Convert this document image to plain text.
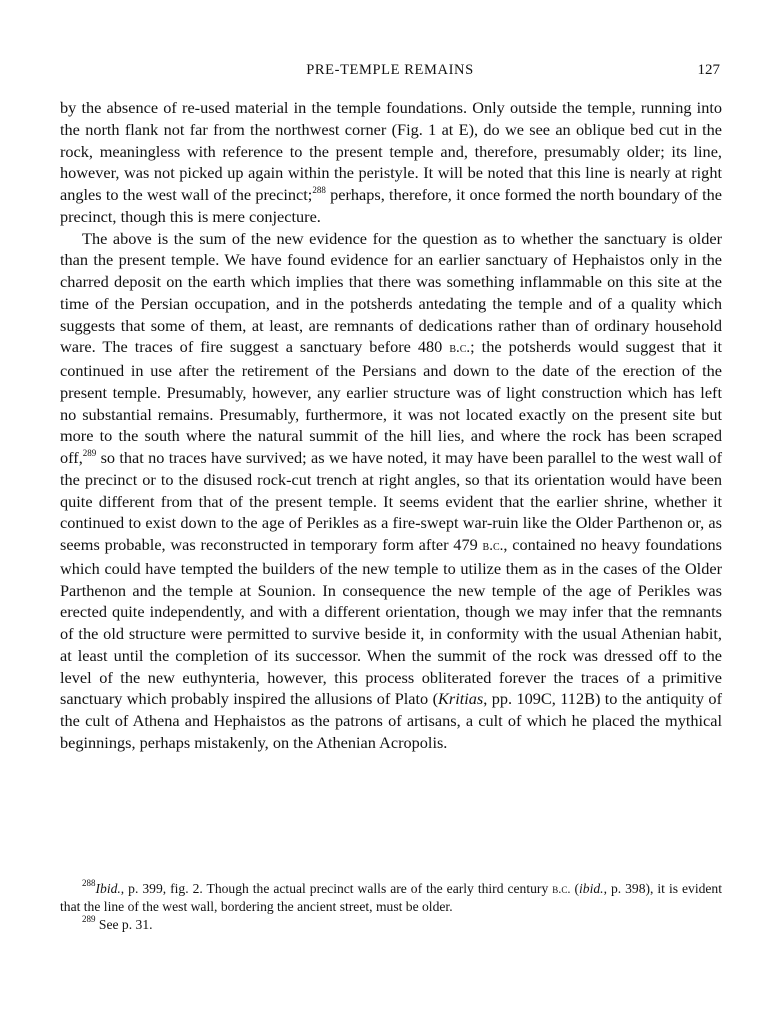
PRE-TEMPLE REMAINS	127

by the absence of re-used material in the temple foundations. Only outside the temple, running into the north flank not far from the northwest corner (Fig. 1 at E), do we see an oblique bed cut in the rock, meaningless with reference to the present temple and, therefore, presumably older; its line, however, was not picked up again within the peristyle. It will be noted that this line is nearly at right angles to the west wall of the precinct;$^{288}$ perhaps, therefore, it once formed the north boundary of the precinct, though this is mere conjecture.

The above is the sum of the new evidence for the question as to whether the sanctuary is older than the present temple. We have found evidence for an earlier sanctuary of Hephaistos only in the charred deposit on the earth which implies that there was something inflammable on this site at the time of the Persian occupation, and in the potsherds antedating the temple and of a quality which suggests that some of them, at least, are remnants of dedications rather than of ordinary household ware. The traces of fire suggest a sanctuary before 480 b.c.; the potsherds would suggest that it continued in use after the retirement of the Persians and down to the date of the erection of the present temple. Presumably, however, any earlier structure was of light construction which has left no substantial remains. Presumably, furthermore, it was not located exactly on the present site but more to the south where the natural summit of the hill lies, and where the rock has been scraped off,$^{289}$ so that no traces have survived; as we have noted, it may have been parallel to the west wall of the precinct or to the disused rock-cut trench at right angles, so that its orientation would have been quite different from that of the present temple. It seems evident that the earlier shrine, whether it continued to exist down to the age of Perikles as a fire-swept war-ruin like the Older Parthenon or, as seems probable, was reconstructed in temporary form after 479 b.c., contained no heavy foundations which could have tempted the builders of the new temple to utilize them as in the cases of the Older Parthenon and the temple at Sounion. In consequence the new temple of the age of Perikles was erected quite independently, and with a different orientation, though we may infer that the remnants of the old structure were permitted to survive beside it, in conformity with the usual Athenian habit, at least until the completion of its successor. When the summit of the rock was dressed off to the level of the new euthynteria, however, this process obliterated forever the traces of a primitive sanctuary which probably inspired the allusions of Plato (Kritias, pp. 109C, 112B) to the antiquity of the cult of Athena and Hephaistos as the patrons of artisans, a cult of which he placed the mythical beginnings, perhaps mistakenly, on the Athenian Acropolis.

$^{288}$Ibid., p. 399, fig. 2. Though the actual precinct walls are of the early third century b.c. (ibid., p. 398), it is evident that the line of the west wall, bordering the ancient street, must be older.

$^{289}$ See p. 31.
